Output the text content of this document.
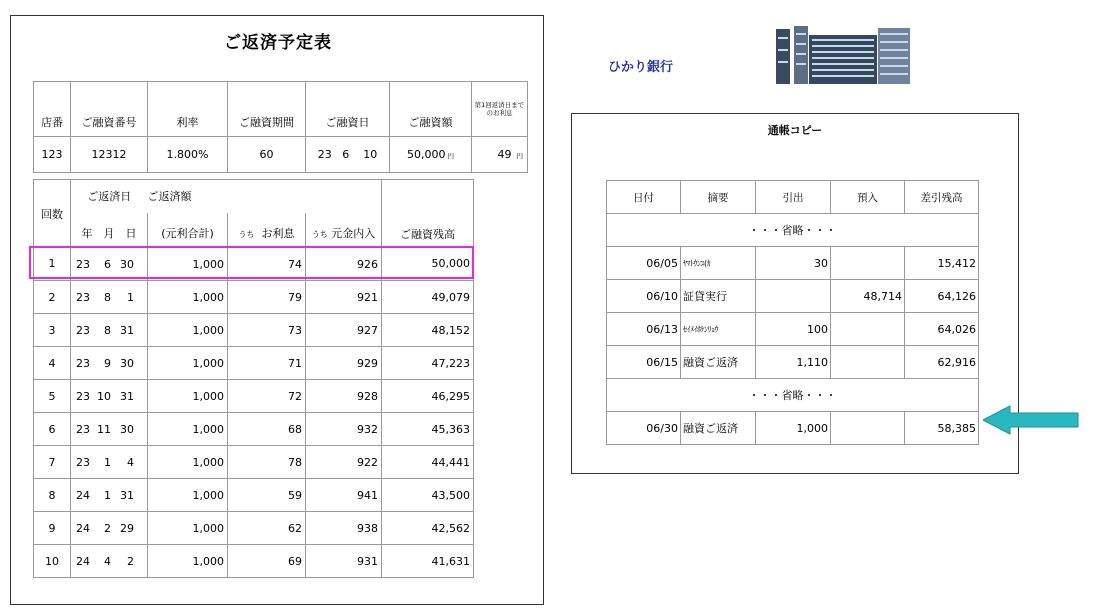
ご返済予定表
店番	ご融資番号	利率	ご融資期間	ご融資日	ご融資額	第1回返済日まで
のお利息

123	12312	1.800%	60	23 6 10	50,000 円	49 円
回数	ご返済日	ご返済額			ご融資残高
	年　月　日	(元利合計)	うち お利息	うち 元金内入	
1	23 6 30	1,000	74	926	50,000
2	23 8 1	1,000	79	921	49,079
3	23 8 31	1,000	73	927	48,152
4	23 9 30	1,000	71	929	47,223
5	23 10 31	1,000	72	928	46,295
6	23 11 30	1,000	68	932	45,363
7	23 1 4	1,000	78	922	44,441
8	24 1 31	1,000	59	941	43,500
9	24 2 29	1,000	62	938	42,562
10	24 4 2	1,000	69	931	41,631
ひかり銀行
通帳コピー
日付	摘要	引出	預入	差引残高
・・・省略・・・				
06/05	ﾔﾏﾄｳﾝﾕ(ｶ	30		15,412
06/10	証貸実行		48,714	64,126
06/13	ｾｲﾒｲﾎｹﾝﾘｮｳ	100		64,026
06/15	融資ご返済	1,110		62,916
・・・省略・・・				
06/30	融資ご返済	1,000		58,385
